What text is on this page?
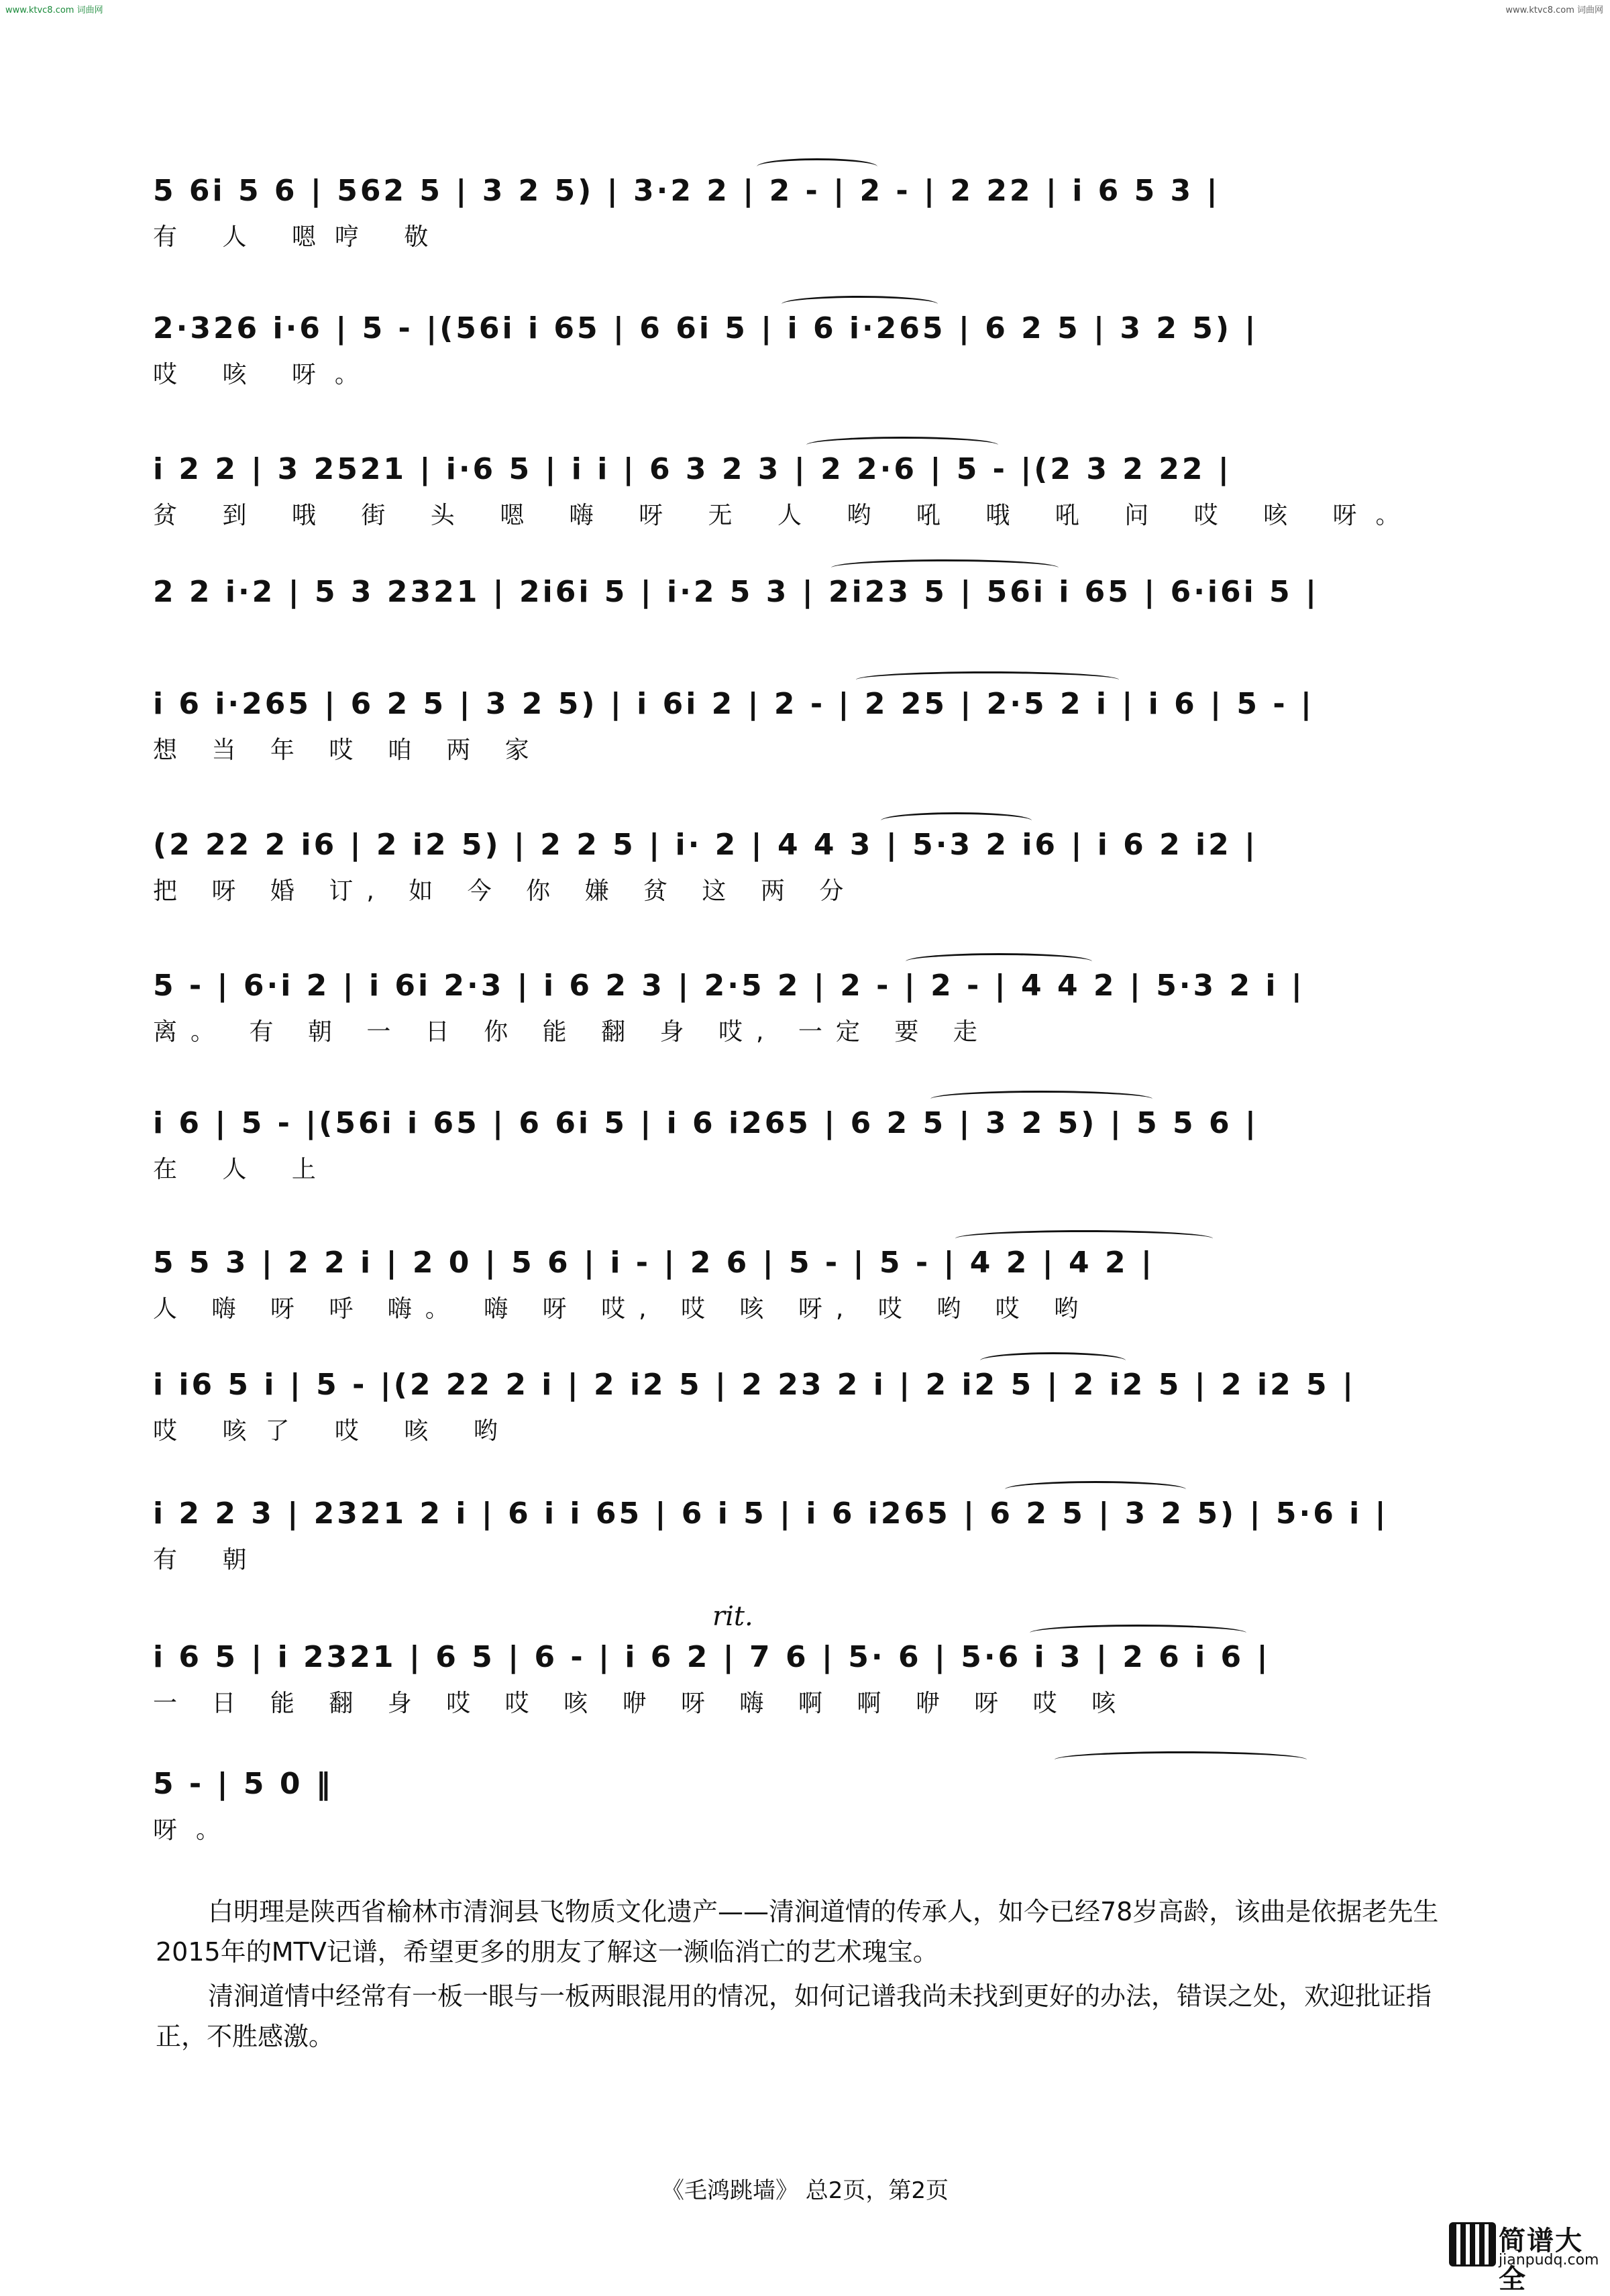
www.ktvc8.com 词曲网	www.ktvc8.com 词曲网
5 6i 5 6 | 562 5 | 3 2 5) | 3·2 2 | 2 - | 2 - | 2 22 | i 6 5 3 |
有 人 嗯哼 敬
2·326 i·6 | 5 - |(56i i 65 | 6 6i 5 | i 6 i·265 | 6 2 5 | 3 2 5) |
哎 咳 呀。
i 2 2 | 3 2521 | i·6 5 | i i | 6 3 2 3 | 2 2·6 | 5 - |(2 3 2 22 |
贫 到 哦 街 头 嗯 嗨 呀 无 人 哟 吼 哦 吼 问 哎 咳 呀。
2 2 i·2 | 5 3 2321 | 2i6i 5 | i·2 5 3 | 2i23 5 | 56i i 65 | 6·i6i 5 |
i 6 i·265 | 6 2 5 | 3 2 5) | i 6i 2 | 2 - | 2 25 | 2·5 2 i | i 6 | 5 - |
想 当 年 哎 咱 两 家
(2 22 2 i6 | 2 i2 5) | 2 2 5 | i· 2 | 4 4 3 | 5·3 2 i6 | i 6 2 i2 |
把 呀 婚 订, 如 今 你 嫌 贫 这 两 分
5 - | 6·i 2 | i 6i 2·3 | i 6 2 3 | 2·5 2 | 2 - | 2 - | 4 4 2 | 5·3 2 i |
离。 有 朝 一 日 你 能 翻 身 哎, 一定 要 走
i 6 | 5 - |(56i i 65 | 6 6i 5 | i 6 i265 | 6 2 5 | 3 2 5) | 5 5 6 |
在 人 上
5 5 3 | 2 2 i | 2 0 | 5 6 | i - | 2 6 | 5 - | 5 - | 4 2 | 4 2 |
人 嗨 呀 呼 嗨。 嗨 呀 哎, 哎 咳 呀, 哎 哟 哎 哟
i i6 5 i | 5 - |(2 22 2 i | 2 i2 5 | 2 23 2 i | 2 i2 5 | 2 i2 5 | 2 i2 5 |
哎 咳了 哎 咳 哟
i 2 2 3 | 2321 2 i | 6 i i 65 | 6 i 5 | i 6 i265 | 6 2 5 | 3 2 5) | 5·6 i |
有 朝
i 6 5 | i 2321 | 6 5 | 6 - | i 6 2 | 7 6 | 5· 6 | 5·6 i 3 | 2 6 i 6 |
一 日 能 翻 身 哎 哎 咳 咿 呀 嗨 啊 啊 咿 呀 哎 咳
5 - | 5 0 ‖
呀。
rit.
白明理是陕西省榆林市清涧县飞物质文化遗产——清涧道情的传承人，如今已经78岁高龄，该曲是依据老先生2015年的MTV记谱，希望更多的朋友了解这一濒临消亡的艺术瑰宝。
清涧道情中经常有一板一眼与一板两眼混用的情况，如何记谱我尚未找到更好的办法，错误之处，欢迎批证指正，不胜感激。
《毛鸿跳墙》 总2页，第2页
简谱大全
jianpudq.com
